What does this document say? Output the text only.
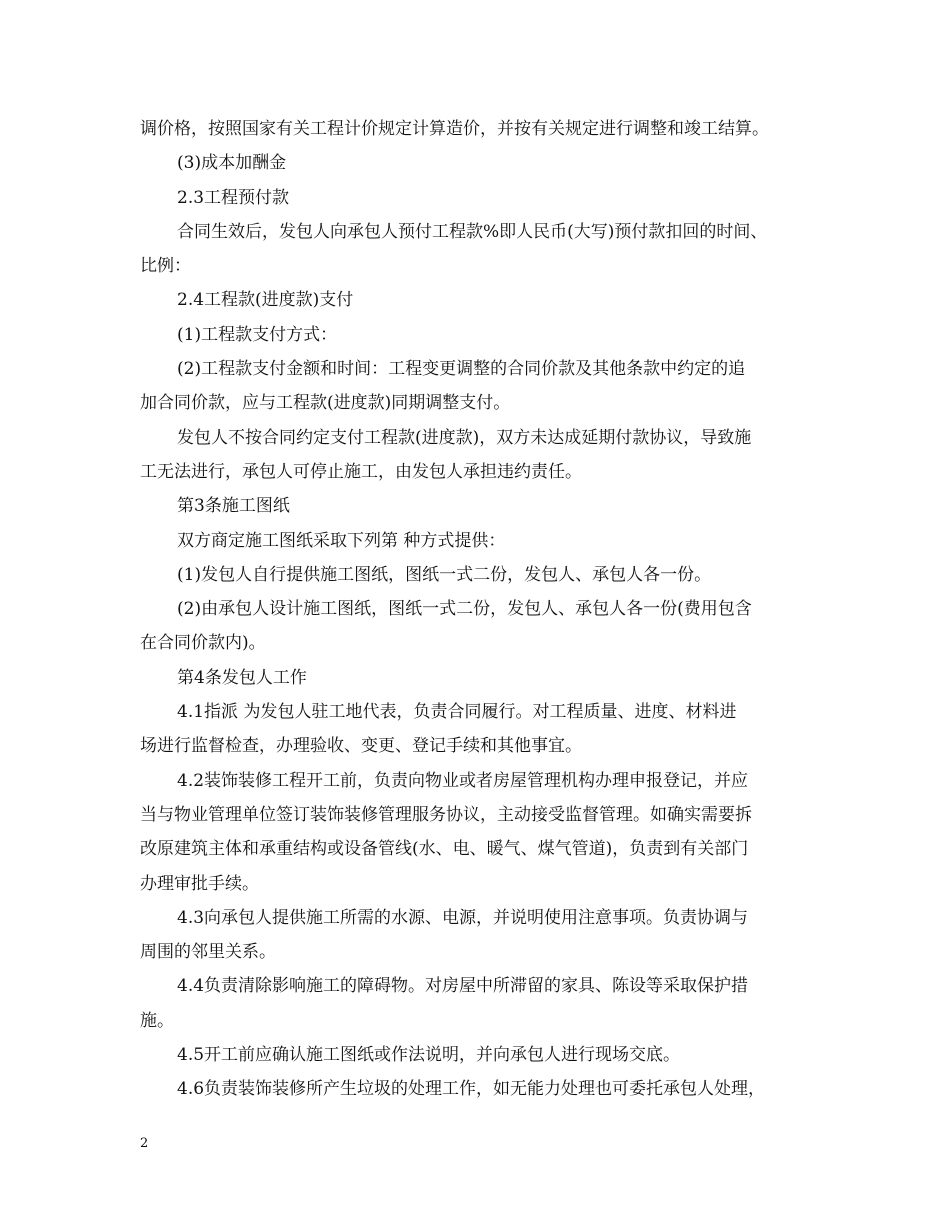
调价格，按照国家有关工程计价规定计算造价，并按有关规定进行调整和竣工结算。
(3)成本加酬金
2.3工程预付款
合同生效后，发包人向承包人预付工程款%即人民币(大写)预付款扣回的时间、
比例：
2.4工程款(进度款)支付
(1)工程款支付方式：
(2)工程款支付金额和时间：工程变更调整的合同价款及其他条款中约定的追
加合同价款，应与工程款(进度款)同期调整支付。
发包人不按合同约定支付工程款(进度款)，双方未达成延期付款协议，导致施
工无法进行，承包人可停止施工，由发包人承担违约责任。
第3条施工图纸
双方商定施工图纸采取下列第 种方式提供：
(1)发包人自行提供施工图纸，图纸一式二份，发包人、承包人各一份。
(2)由承包人设计施工图纸，图纸一式二份，发包人、承包人各一份(费用包含
在合同价款内)。
第4条发包人工作
4.1指派 为发包人驻工地代表，负责合同履行。对工程质量、进度、材料进
场进行监督检查，办理验收、变更、登记手续和其他事宜。
4.2装饰装修工程开工前，负责向物业或者房屋管理机构办理申报登记，并应
当与物业管理单位签订装饰装修管理服务协议，主动接受监督管理。如确实需要拆
改原建筑主体和承重结构或设备管线(水、电、暖气、煤气管道)，负责到有关部门
办理审批手续。
4.3向承包人提供施工所需的水源、电源，并说明使用注意事项。负责协调与
周围的邻里关系。
4.4负责清除影响施工的障碍物。对房屋中所滞留的家具、陈设等采取保护措
施。
4.5开工前应确认施工图纸或作法说明，并向承包人进行现场交底。
4.6负责装饰装修所产生垃圾的处理工作，如无能力处理也可委托承包人处理，
2
